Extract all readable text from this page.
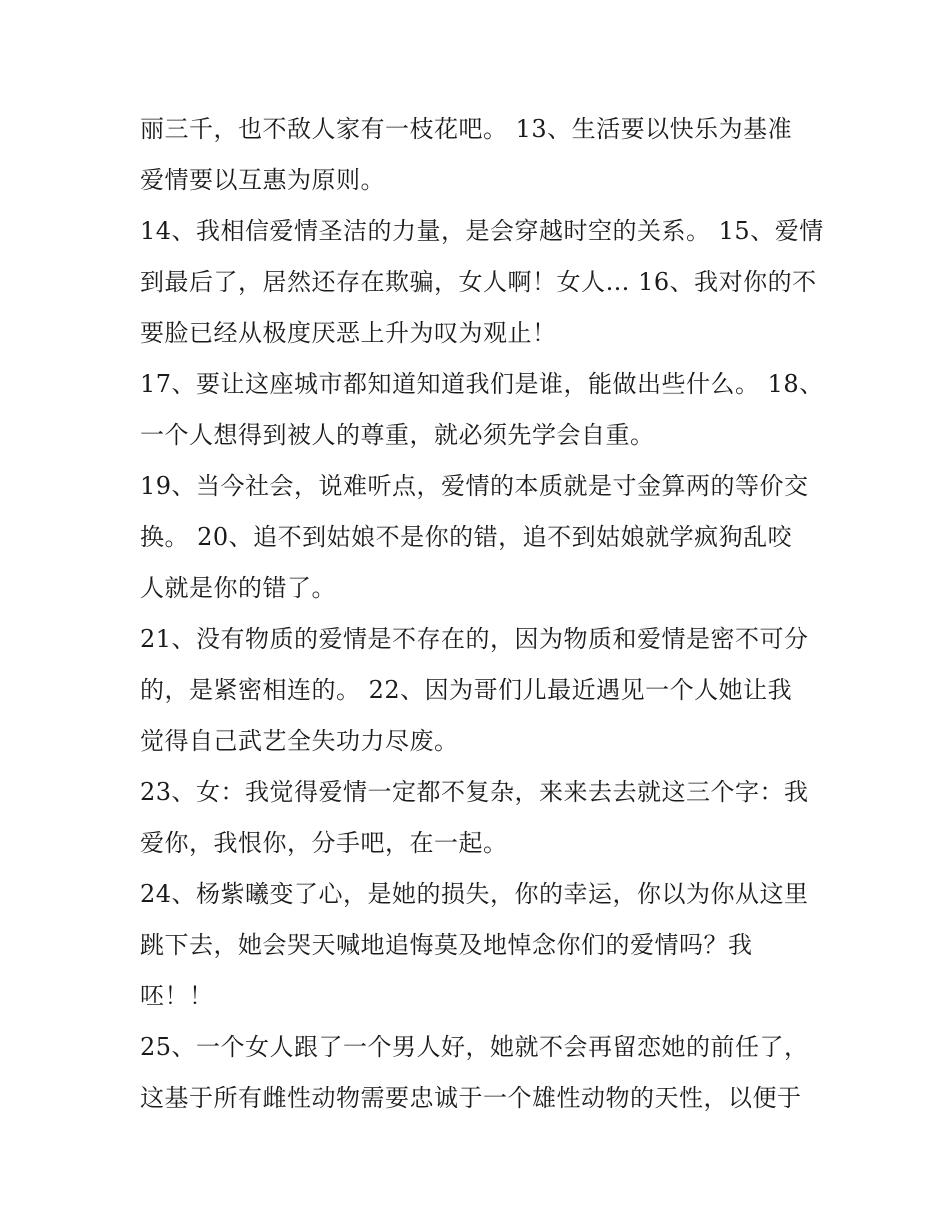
丽三千，也不敌人家有一枝花吧。 13、生活要以快乐为基准
爱情要以互惠为原则。
14、我相信爱情圣洁的力量，是会穿越时空的关系。 15、爱情
到最后了，居然还存在欺骗，女人啊！女人… 16、我对你的不
要脸已经从极度厌恶上升为叹为观止！
17、要让这座城市都知道知道我们是谁，能做出些什么。 18、
一个人想得到被人的尊重，就必须先学会自重。
19、当今社会，说难听点，爱情的本质就是寸金算两的等价交
换。 20、追不到姑娘不是你的错，追不到姑娘就学疯狗乱咬
人就是你的错了。
21、没有物质的爱情是不存在的，因为物质和爱情是密不可分
的，是紧密相连的。 22、因为哥们儿最近遇见一个人她让我
觉得自己武艺全失功力尽废。
23、女：我觉得爱情一定都不复杂，来来去去就这三个字：我
爱你，我恨你，分手吧，在一起。
24、杨紫曦变了心，是她的损失，你的幸运，你以为你从这里
跳下去，她会哭天喊地追悔莫及地悼念你们的爱情吗？我
呸！！
25、一个女人跟了一个男人好，她就不会再留恋她的前任了，
这基于所有雌性动物需要忠诚于一个雄性动物的天性，以便于
